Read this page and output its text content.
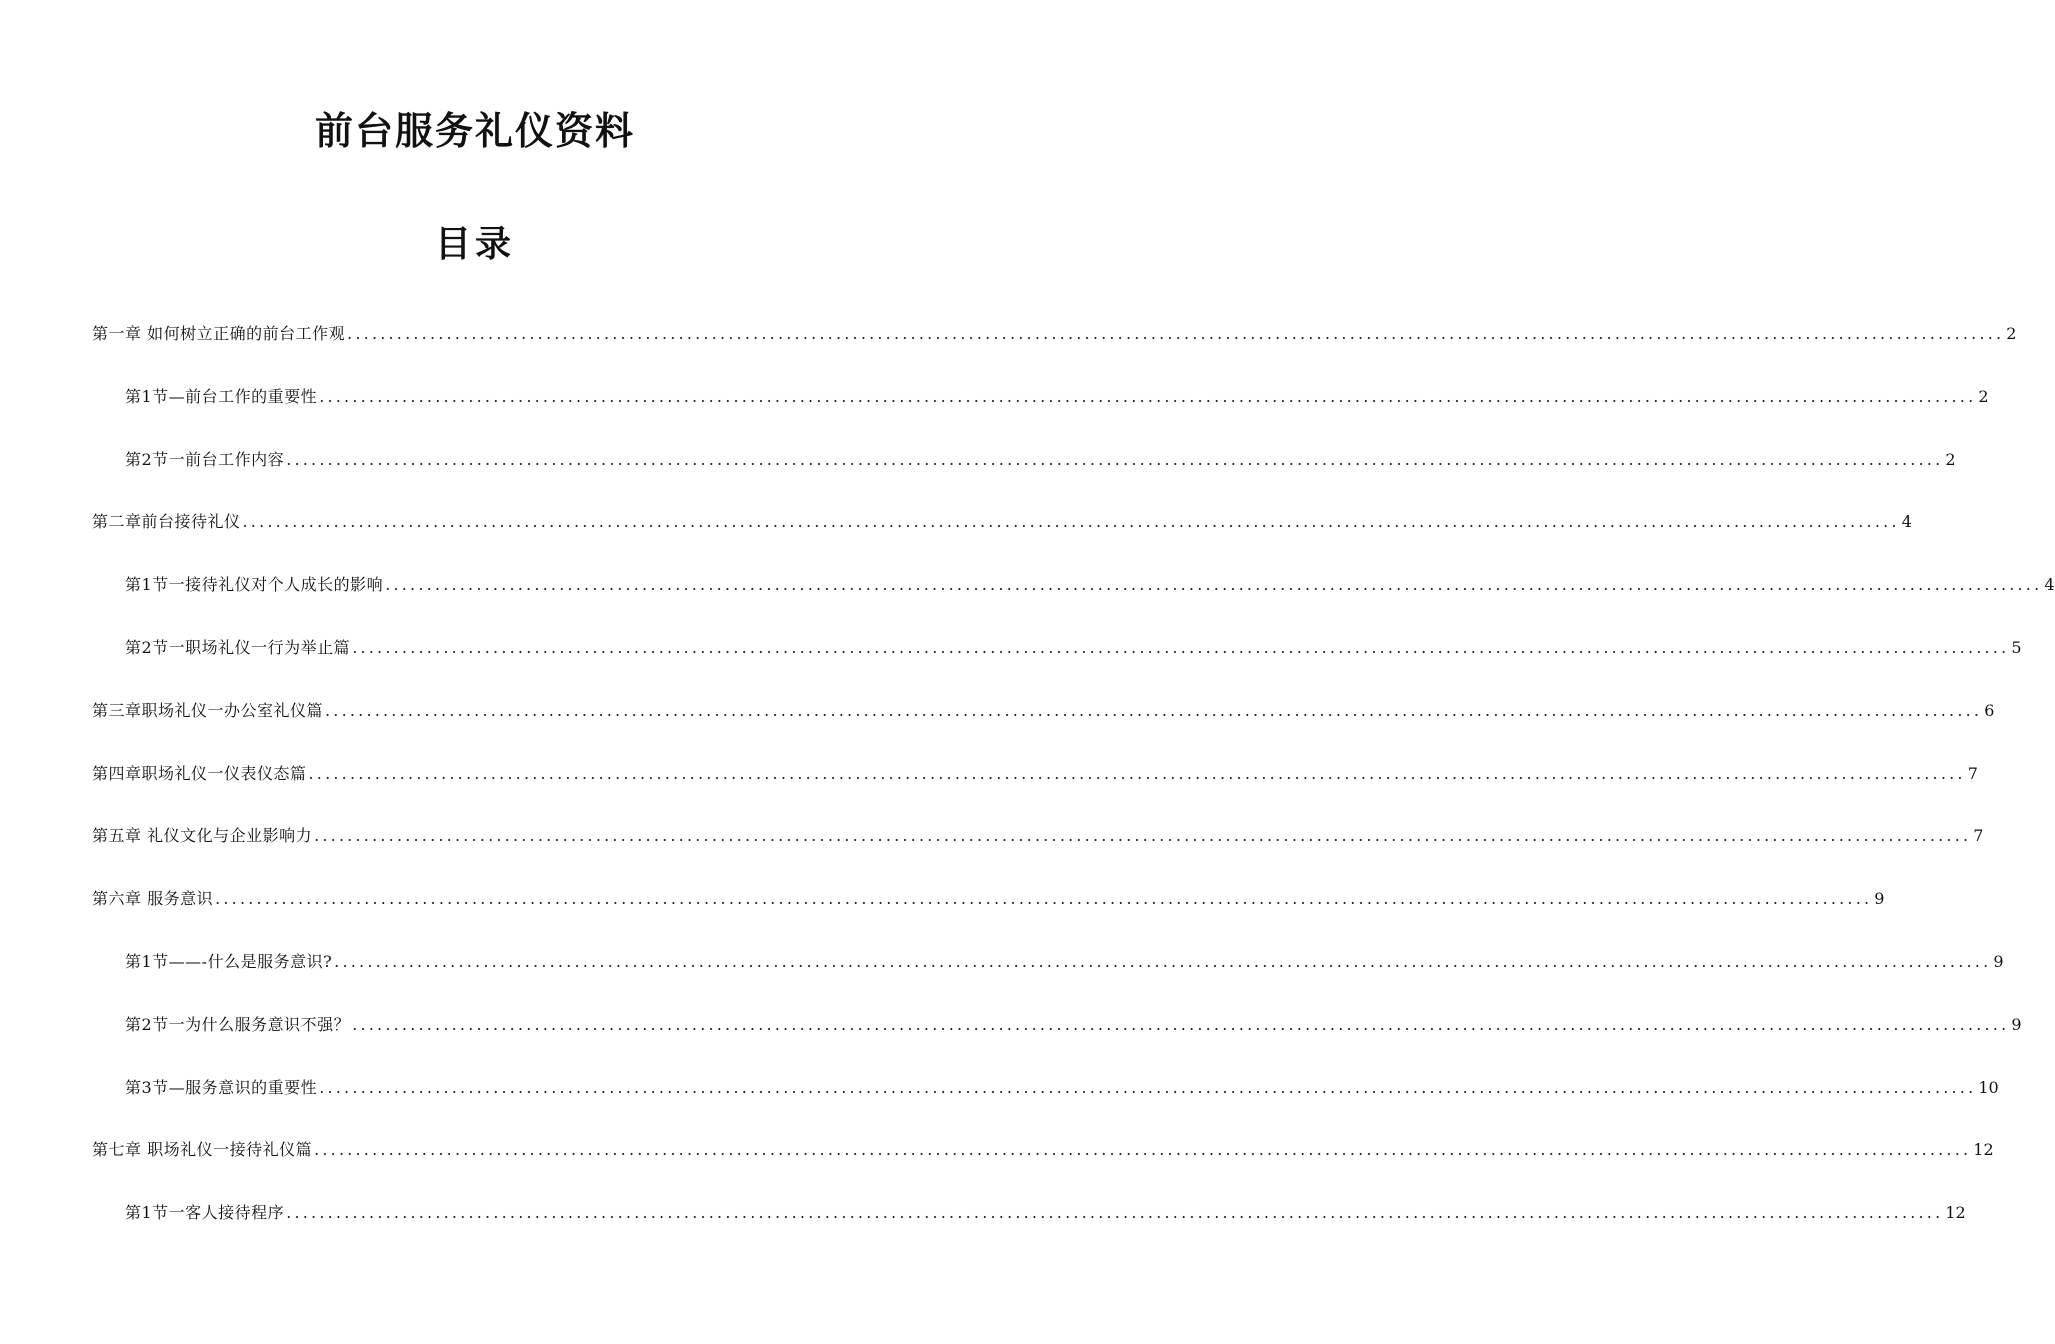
前台服务礼仪资料
目录
第一章 如何树立正确的前台工作观 ........................................................................................................................................................................................................ 2
第1节—前台工作的重要性 ........................................................................................................................................................................................................ 2
第2节一前台工作内容 ........................................................................................................................................................................................................ 2
第二章前台接待礼仪 ........................................................................................................................................................................................................ 4
第1节一接待礼仪对个人成长的影响 ........................................................................................................................................................................................................ 4
第2节一职场礼仪一行为举止篇 ........................................................................................................................................................................................................ 5
第三章职场礼仪一办公室礼仪篇 ........................................................................................................................................................................................................ 6
第四章职场礼仪一仪表仪态篇 ........................................................................................................................................................................................................ 7
第五章 礼仪文化与企业影响力 ........................................................................................................................................................................................................ 7
第六章 服务意识 ........................................................................................................................................................................................................ 9
第1节——-什么是服务意识? ........................................................................................................................................................................................................ 9
第2节一为什么服务意识不强？ ........................................................................................................................................................................................................ 9
第3节—服务意识的重要性 ........................................................................................................................................................................................................ 10
第七章 职场礼仪一接待礼仪篇 ........................................................................................................................................................................................................ 12
第1节一客人接待程序 ........................................................................................................................................................................................................ 12
